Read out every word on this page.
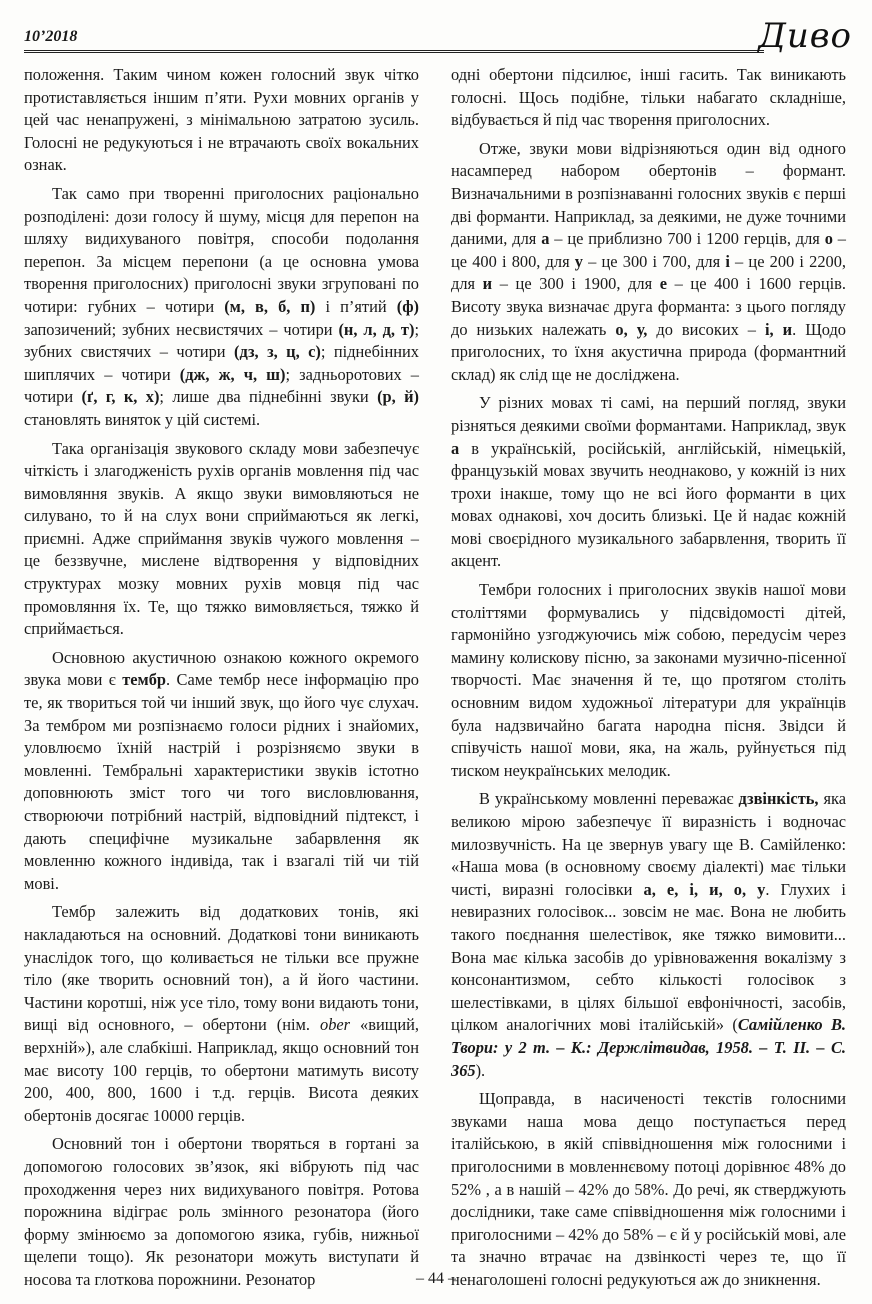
10’2018	Диво

положення. Таким чином кожен голосний звук чітко протиставляється іншим п’яти. Рухи мовних органів у цей час ненапружені, з мінімальною затратою зусиль. Голосні не редукуються і не втрачають своїх вокальних ознак.

Так само при творенні приголосних раціонально розподілені: дози голосу й шуму, місця для перепон на шляху видихуваного повітря, способи подолання перепон. За місцем перепони (а це основна умова творення приголосних) приголосні звуки згруповані по чотири: губних – чотири (м, в, б, п) і п’ятий (ф) запозичений; зубних несвистячих – чотири (н, л, д, т); зубних свистячих – чотири (дз, з, ц, с); піднебінних шиплячих – чотири (дж, ж, ч, ш); задньоротових – чотири (ґ, г, к, х); лише два піднебінні звуки (р, й) становлять виняток у цій системі.

Така організація звукового складу мови забезпечує чіткість і злагодженість рухів органів мовлення під час вимовляння звуків. А якщо звуки вимовляються не силувано, то й на слух вони сприймаються як легкі, приємні. Адже сприймання звуків чужого мовлення – це беззвучне, мислене відтворення у відповідних структурах мозку мовних рухів мовця під час промовляння їх. Те, що тяжко вимовляється, тяжко й сприймається.

Основною акустичною ознакою кожного окремого звука мови є тембр. Саме тембр несе інформацію про те, як твориться той чи інший звук, що його чує слухач. За тембром ми розпізнаємо голоси рідних і знайомих, уловлюємо їхній настрій і розрізняємо звуки в мовленні. Тембральні характеристики звуків істотно доповнюють зміст того чи того висловлювання, створюючи потрібний настрій, відповідний підтекст, і дають специфічне музикальне забарвлення як мовленню кожного індивіда, так і взагалі тій чи тій мові.

Тембр залежить від додаткових тонів, які накладаються на основний. Додаткові тони виникають унаслідок того, що коливається не тільки все пружне тіло (яке творить основний тон), а й його частини. Частини коротші, ніж усе тіло, тому вони видають тони, вищі від основного, – обертони (нім. ober «вищий, верхній»), але слабкіші. Наприклад, якщо основний тон має висоту 100 герців, то обертони матимуть висоту 200, 400, 800, 1600 і т.д. герців. Висота деяких обертонів досягає 10000 герців.

Основний тон і обертони творяться в гортані за допомогою голосових зв’язок, які вібрують під час проходження через них видихуваного повітря. Ротова порожнина відіграє роль змінного резонатора (його форму змінюємо за допомогою язика, губів, нижньої щелепи тощо). Як резонатори можуть виступати й носова та глоткова порожнини. Резонатор

одні обертони підсилює, інші гасить. Так виникають голосні. Щось подібне, тільки набагато складніше, відбувається й під час творення приголосних.

Отже, звуки мови відрізняються один від одного насамперед набором обертонів – формант. Визначальними в розпізнаванні голосних звуків є перші дві форманти. Наприклад, за деякими, не дуже точними даними, для а – це приблизно 700 і 1200 герців, для о – це 400 і 800, для у – це 300 і 700, для і – це 200 і 2200, для и – це 300 і 1900, для е – це 400 і 1600 герців. Висоту звука визначає друга форманта: з цього погляду до низьких належать о, у, до високих – і, и. Щодо приголосних, то їхня акустична природа (формантний склад) як слід ще не досліджена.

У різних мовах ті самі, на перший погляд, звуки різняться деякими своїми формантами. Наприклад, звук а в українській, російській, англійській, німецькій, французькій мовах звучить неоднаково, у кожній із них трохи інакше, тому що не всі його форманти в цих мовах однакові, хоч досить близькі. Це й надає кожній мові своєрідного музикального забарвлення, творить її акцент.

Тембри голосних і приголосних звуків нашої мови століттями формувались у підсвідомості дітей, гармонійно узгоджуючись між собою, передусім через мамину колискову пісню, за законами музично-пісенної творчості. Має значення й те, що протягом століть основним видом художньої літератури для українців була надзвичайно багата народна пісня. Звідси й співучість нашої мови, яка, на жаль, руйнується під тиском неукраїнських мелодик.

В українському мовленні переважає дзвінкість, яка великою мірою забезпечує її виразність і водночас милозвучність. На це звернув увагу ще В. Самійленко: «Наша мова (в основному своєму діалекті) має тільки чисті, виразні голосівки а, е, і, и, о, у. Глухих і невиразних голосівок... зовсім не має. Вона не любить такого поєднання шелестівок, яке тяжко вимовити... Вона має кілька засобів до урівноваження вокалізму з консонантизмом, себто кількості голосівок з шелестівками, в цілях більшої евфонічності, засобів, цілком аналогічних мові італійській» (Самійленко В. Твори: у 2 т. – К.: Держлітвидав, 1958. – Т. ІІ. – С. 365).

Щоправда, в насиченості текстів голосними звуками наша мова дещо поступається перед італійською, в якій співвідношення між голосними і приголосними в мовленнєвому потоці дорівнює 48% до 52% , а в нашій – 42% до 58%. До речі, як стверджують дослідники, таке саме співвідношення між голосними і приголосними – 42% до 58% – є й у російській мові, але та значно втрачає на дзвінкості через те, що її ненаголошені голосні редукуються аж до зникнення.

– 44 –
